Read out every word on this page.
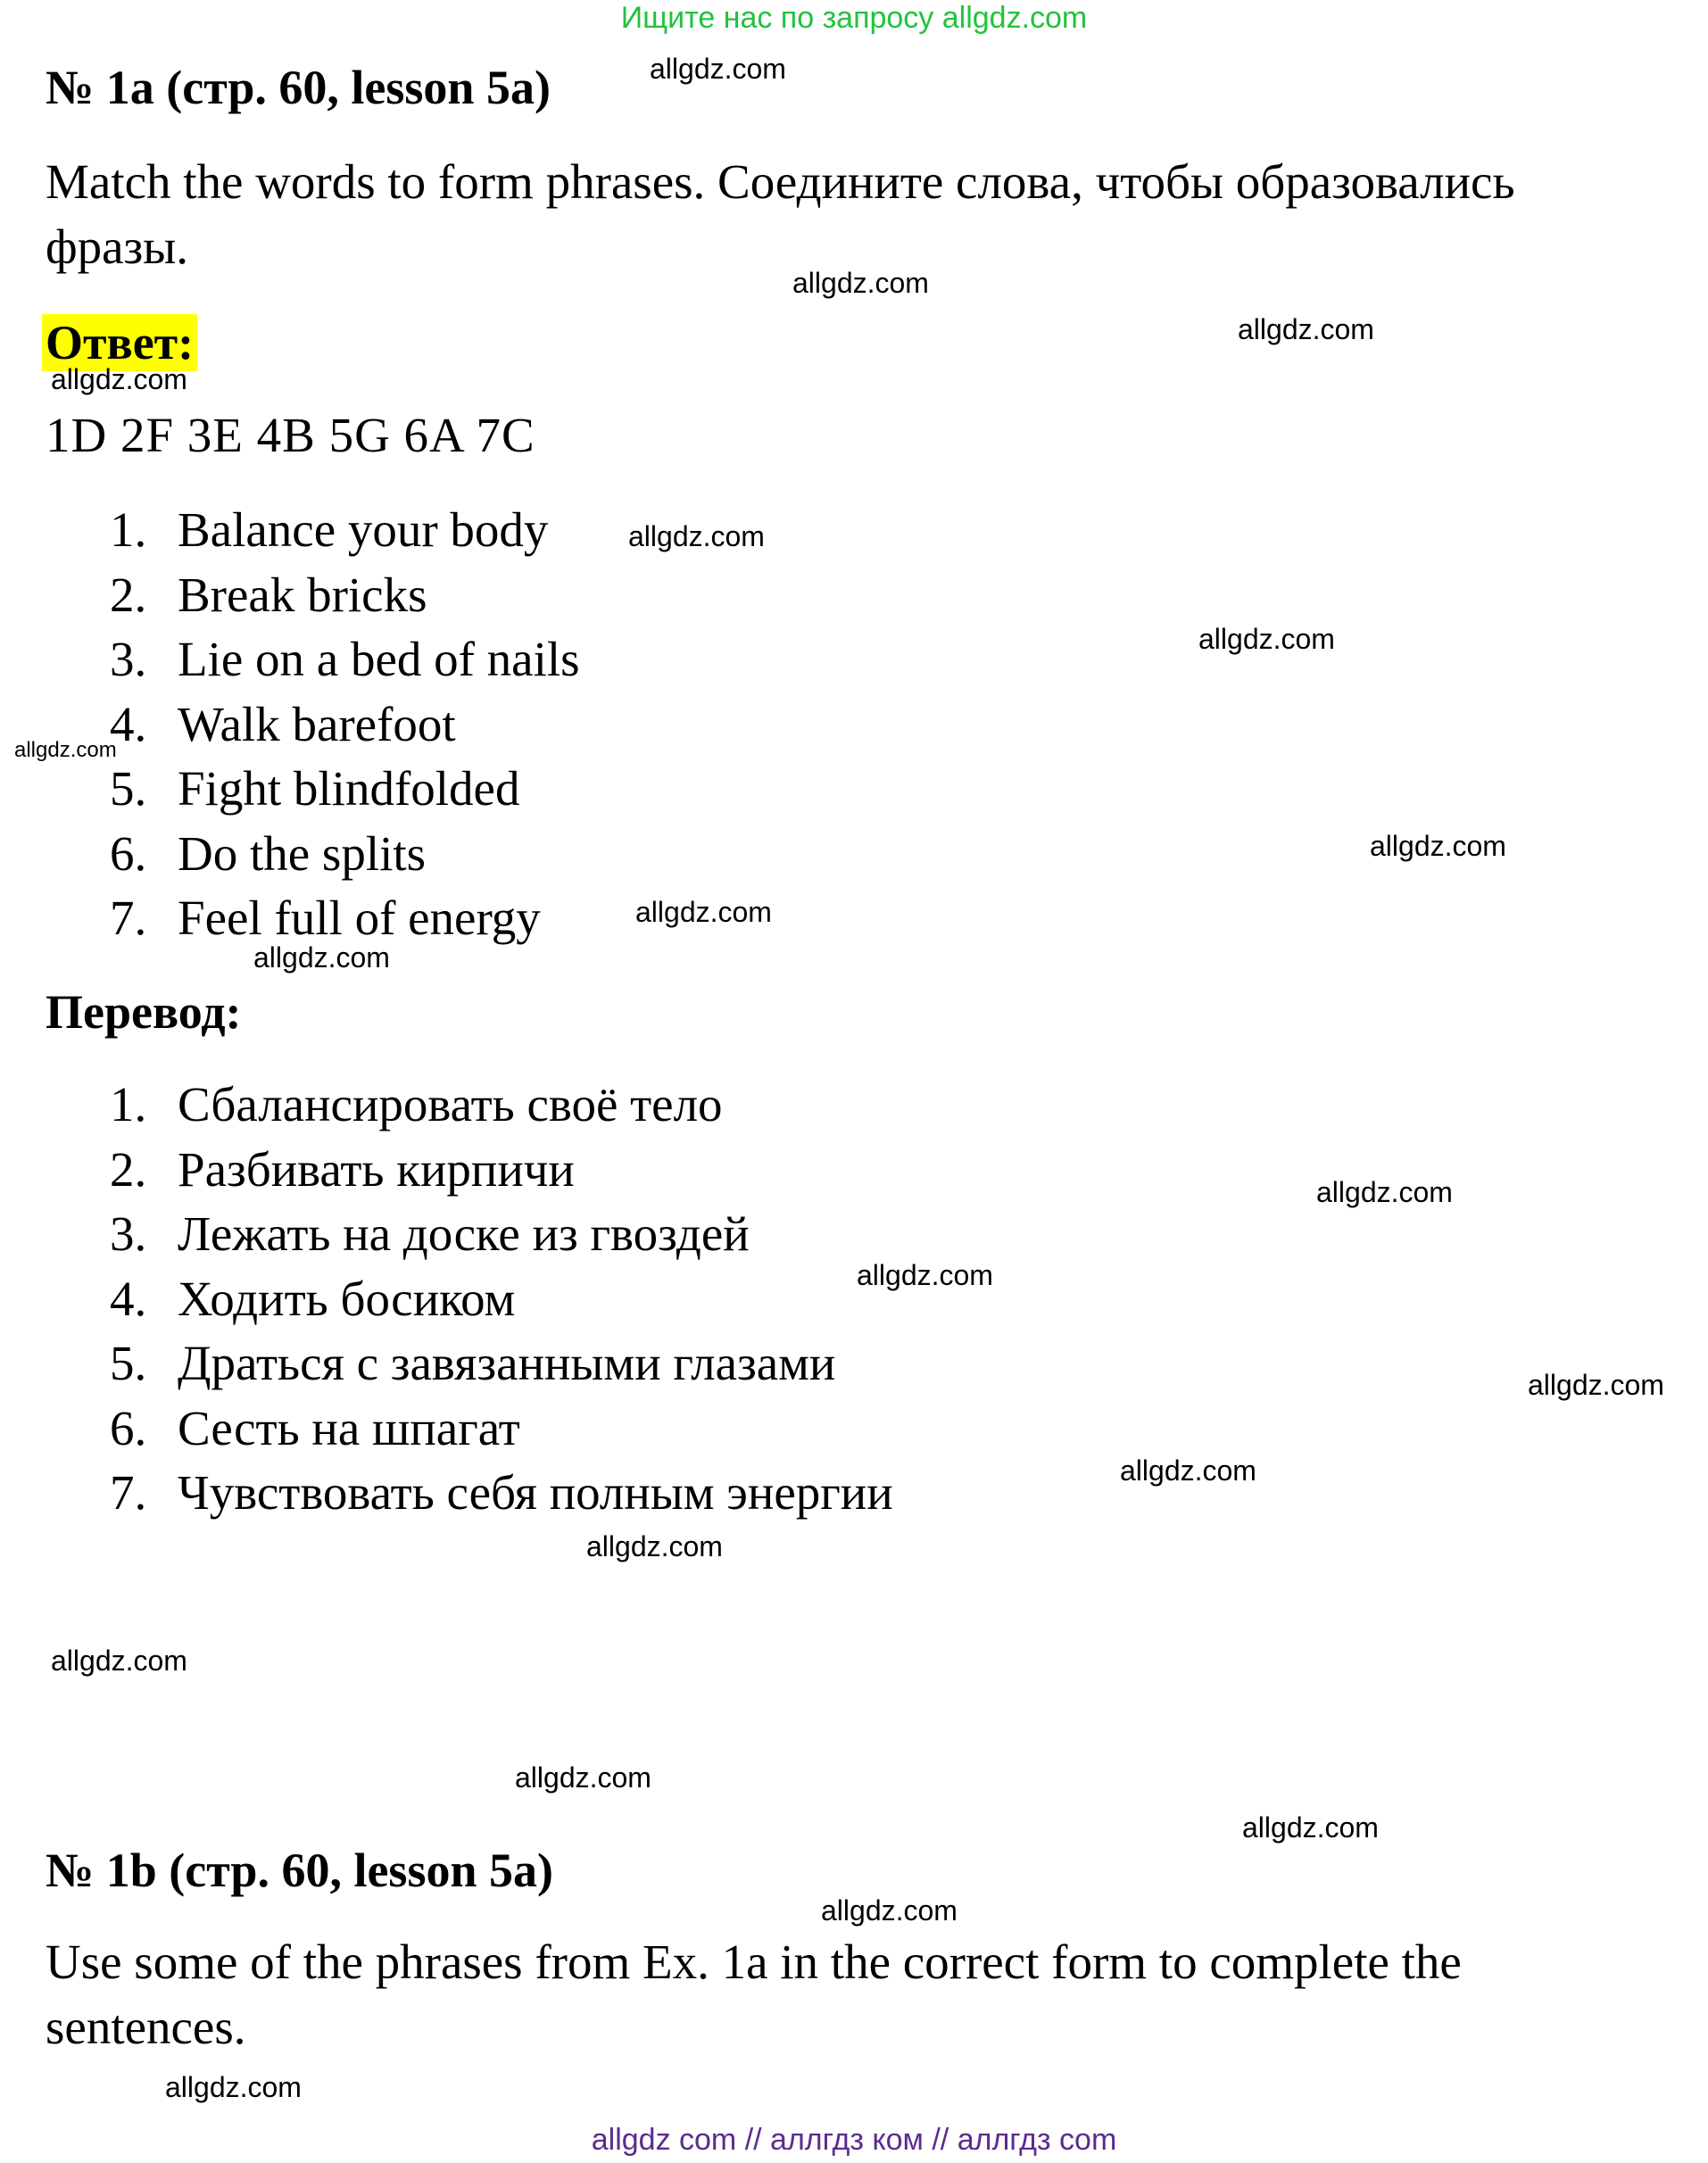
Ищите нас по запросу allgdz.com
№ 1a (стр. 60, lesson 5a)
Match the words to form phrases. Соедините слова, чтобы образовались фразы.
Ответ:
1D 2F 3E 4B 5G 6A 7C
1. Balance your body
2. Break bricks
3. Lie on a bed of nails
4. Walk barefoot
5. Fight blindfolded
6. Do the splits
7. Feel full of energy
Перевод:
1. Сбалансировать своё тело
2. Разбивать кирпичи
3. Лежать на доске из гвоздей
4. Ходить босиком
5. Драться с завязанными глазами
6. Сесть на шпагат
7. Чувствовать себя полным энергии
№ 1b (стр. 60, lesson 5a)
Use some of the phrases from Ex. 1a in the correct form to complete the sentences.
allgdz.com
allgdz.com
allgdz.com
allgdz.com
allgdz.com
allgdz.com
allgdz.com
allgdz.com
allgdz.com
allgdz.com
allgdz.com
allgdz.com
allgdz.com
allgdz.com
allgdz.com
allgdz.com
allgdz.com
allgdz.com
allgdz.com
allgdz.com
allgdz com // аллгдз ком // аллгдз com
